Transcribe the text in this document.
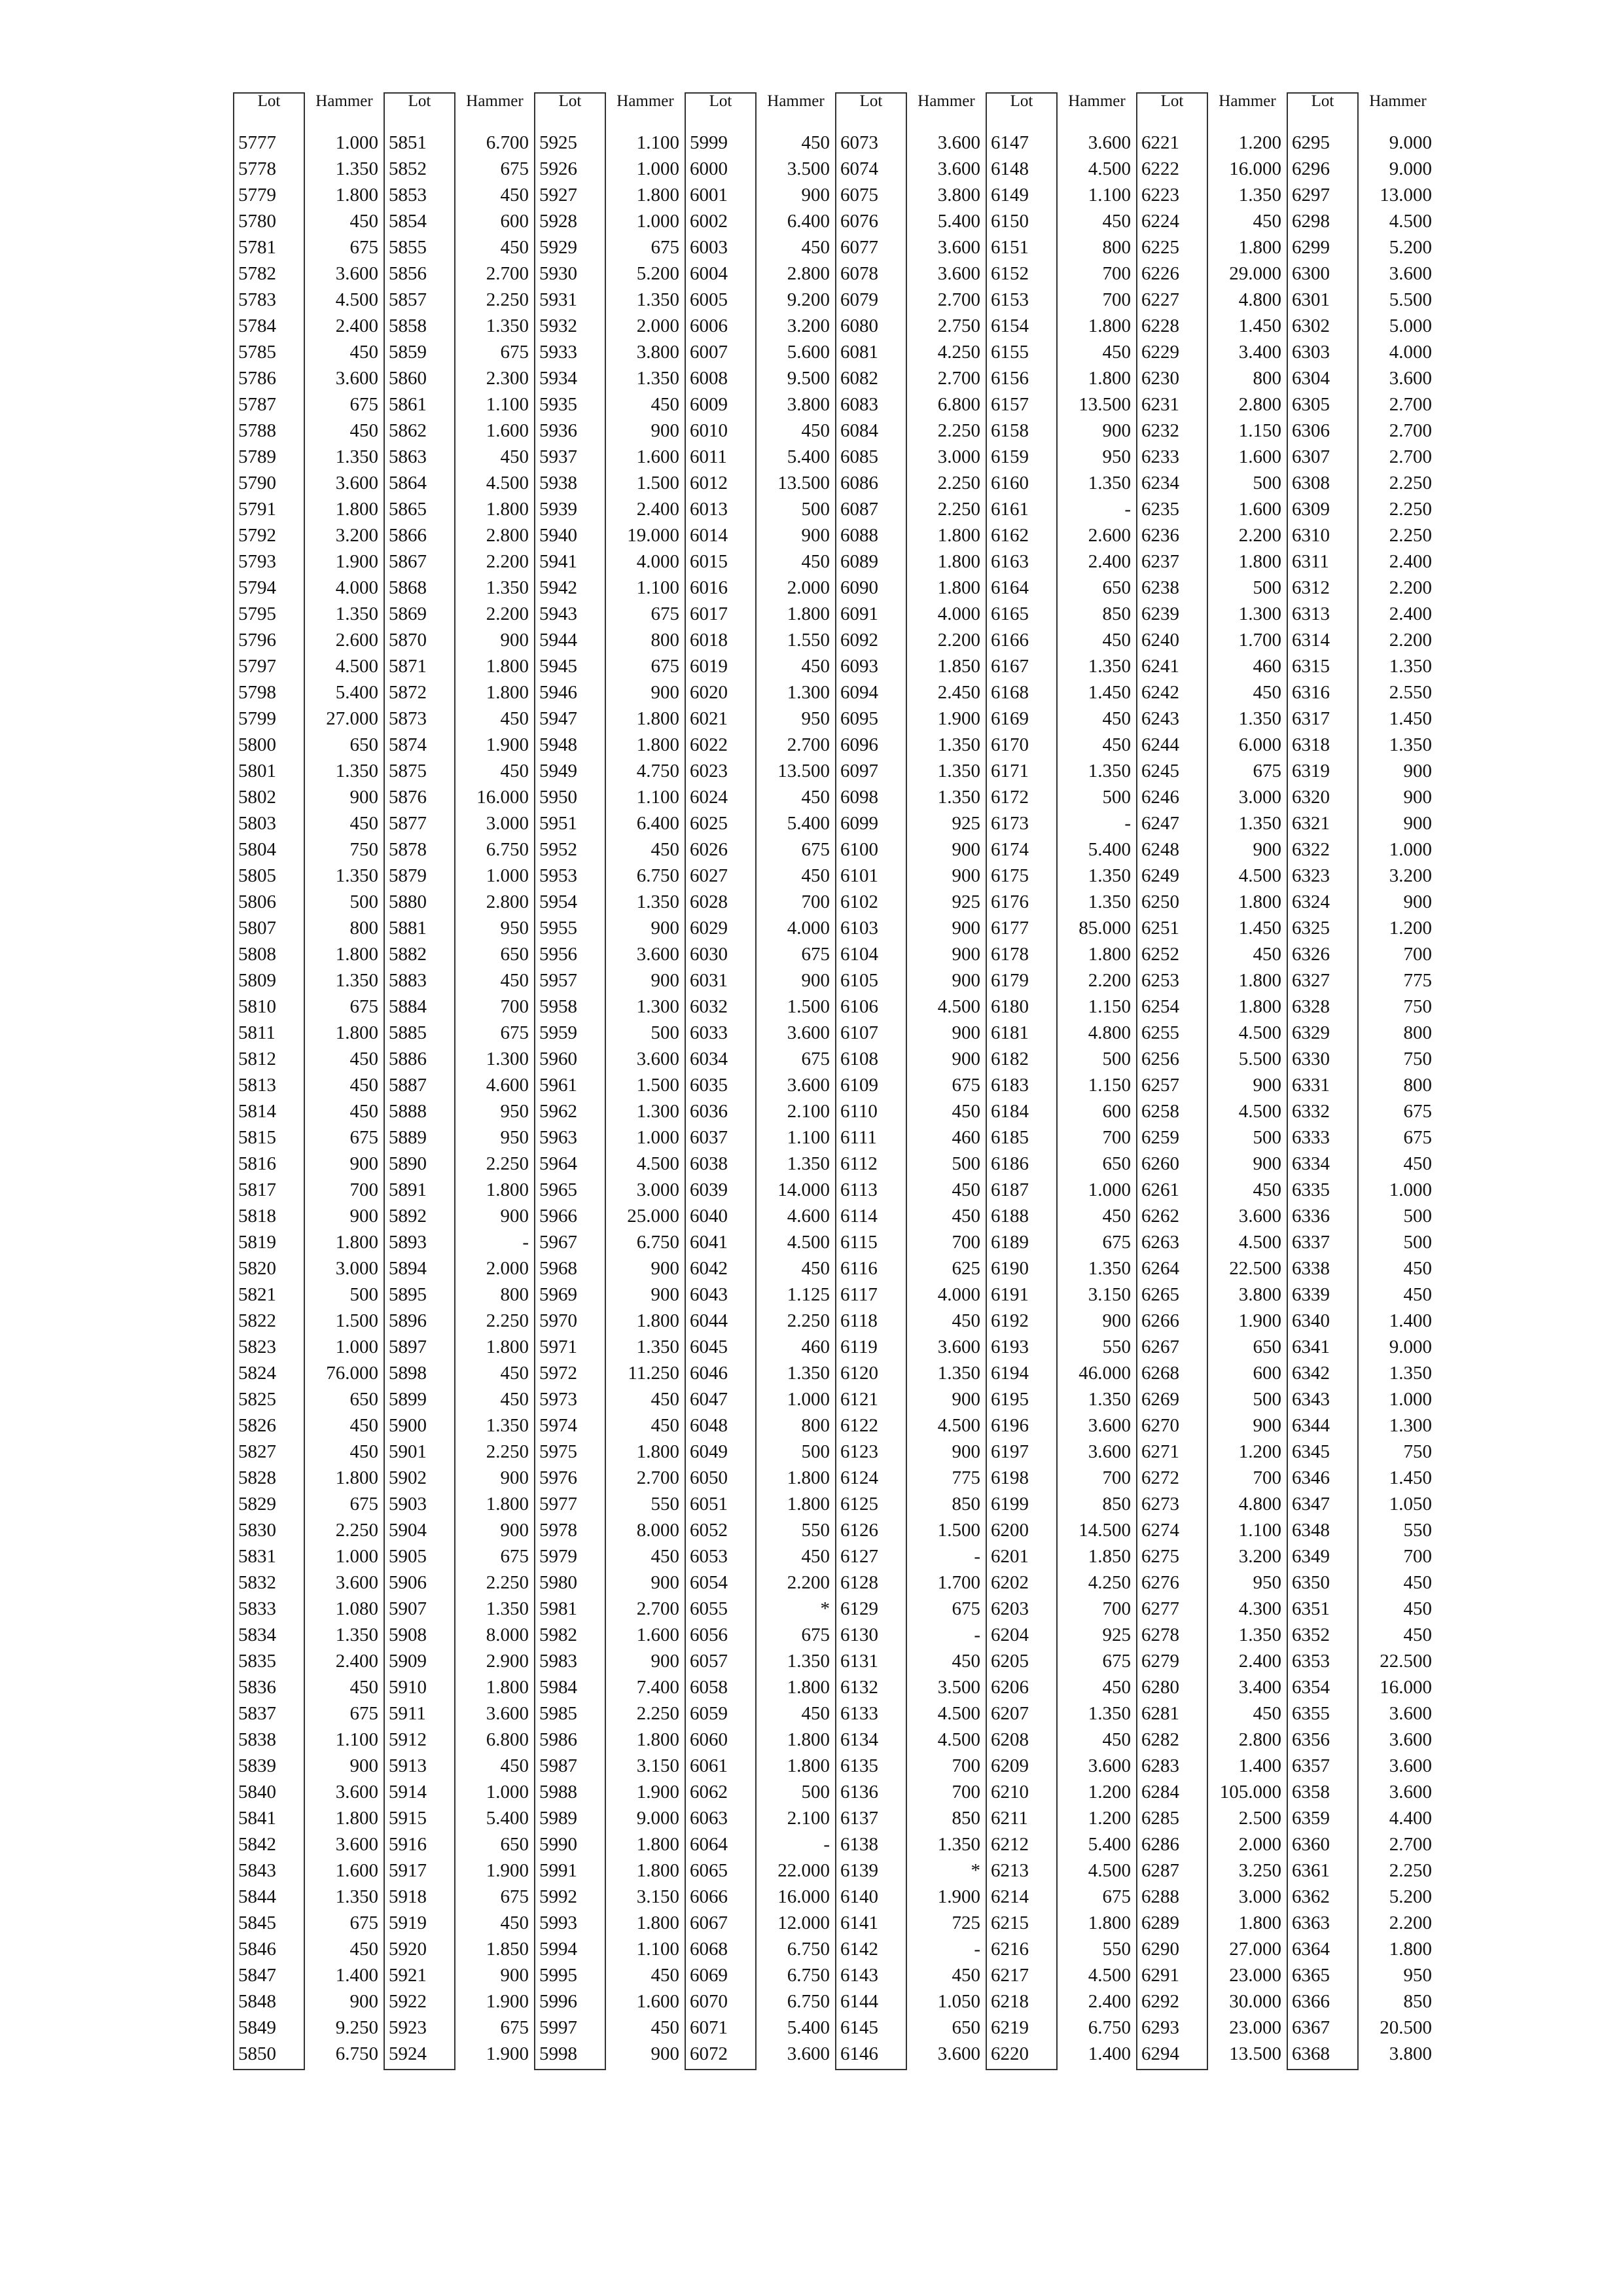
Lot	Hammer
5777	1.000
5778	1.350
5779	1.800
5780	450
5781	675
5782	3.600
5783	4.500
5784	2.400
5785	450
5786	3.600
5787	675
5788	450
5789	1.350
5790	3.600
5791	1.800
5792	3.200
5793	1.900
5794	4.000
5795	1.350
5796	2.600
5797	4.500
5798	5.400
5799	27.000
5800	650
5801	1.350
5802	900
5803	450
5804	750
5805	1.350
5806	500
5807	800
5808	1.800
5809	1.350
5810	675
5811	1.800
5812	450
5813	450
5814	450
5815	675
5816	900
5817	700
5818	900
5819	1.800
5820	3.000
5821	500
5822	1.500
5823	1.000
5824	76.000
5825	650
5826	450
5827	450
5828	1.800
5829	675
5830	2.250
5831	1.000
5832	3.600
5833	1.080
5834	1.350
5835	2.400
5836	450
5837	675
5838	1.100
5839	900
5840	3.600
5841	1.800
5842	3.600
5843	1.600
5844	1.350
5845	675
5846	450
5847	1.400
5848	900
5849	9.250
5850	6.750
Lot	Hammer
5851	6.700
5852	675
5853	450
5854	600
5855	450
5856	2.700
5857	2.250
5858	1.350
5859	675
5860	2.300
5861	1.100
5862	1.600
5863	450
5864	4.500
5865	1.800
5866	2.800
5867	2.200
5868	1.350
5869	2.200
5870	900
5871	1.800
5872	1.800
5873	450
5874	1.900
5875	450
5876	16.000
5877	3.000
5878	6.750
5879	1.000
5880	2.800
5881	950
5882	650
5883	450
5884	700
5885	675
5886	1.300
5887	4.600
5888	950
5889	950
5890	2.250
5891	1.800
5892	900
5893	-
5894	2.000
5895	800
5896	2.250
5897	1.800
5898	450
5899	450
5900	1.350
5901	2.250
5902	900
5903	1.800
5904	900
5905	675
5906	2.250
5907	1.350
5908	8.000
5909	2.900
5910	1.800
5911	3.600
5912	6.800
5913	450
5914	1.000
5915	5.400
5916	650
5917	1.900
5918	675
5919	450
5920	1.850
5921	900
5922	1.900
5923	675
5924	1.900
Lot	Hammer
5925	1.100
5926	1.000
5927	1.800
5928	1.000
5929	675
5930	5.200
5931	1.350
5932	2.000
5933	3.800
5934	1.350
5935	450
5936	900
5937	1.600
5938	1.500
5939	2.400
5940	19.000
5941	4.000
5942	1.100
5943	675
5944	800
5945	675
5946	900
5947	1.800
5948	1.800
5949	4.750
5950	1.100
5951	6.400
5952	450
5953	6.750
5954	1.350
5955	900
5956	3.600
5957	900
5958	1.300
5959	500
5960	3.600
5961	1.500
5962	1.300
5963	1.000
5964	4.500
5965	3.000
5966	25.000
5967	6.750
5968	900
5969	900
5970	1.800
5971	1.350
5972	11.250
5973	450
5974	450
5975	1.800
5976	2.700
5977	550
5978	8.000
5979	450
5980	900
5981	2.700
5982	1.600
5983	900
5984	7.400
5985	2.250
5986	1.800
5987	3.150
5988	1.900
5989	9.000
5990	1.800
5991	1.800
5992	3.150
5993	1.800
5994	1.100
5995	450
5996	1.600
5997	450
5998	900
Lot	Hammer
5999	450
6000	3.500
6001	900
6002	6.400
6003	450
6004	2.800
6005	9.200
6006	3.200
6007	5.600
6008	9.500
6009	3.800
6010	450
6011	5.400
6012	13.500
6013	500
6014	900
6015	450
6016	2.000
6017	1.800
6018	1.550
6019	450
6020	1.300
6021	950
6022	2.700
6023	13.500
6024	450
6025	5.400
6026	675
6027	450
6028	700
6029	4.000
6030	675
6031	900
6032	1.500
6033	3.600
6034	675
6035	3.600
6036	2.100
6037	1.100
6038	1.350
6039	14.000
6040	4.600
6041	4.500
6042	450
6043	1.125
6044	2.250
6045	460
6046	1.350
6047	1.000
6048	800
6049	500
6050	1.800
6051	1.800
6052	550
6053	450
6054	2.200
6055	*
6056	675
6057	1.350
6058	1.800
6059	450
6060	1.800
6061	1.800
6062	500
6063	2.100
6064	-
6065	22.000
6066	16.000
6067	12.000
6068	6.750
6069	6.750
6070	6.750
6071	5.400
6072	3.600
Lot	Hammer
6073	3.600
6074	3.600
6075	3.800
6076	5.400
6077	3.600
6078	3.600
6079	2.700
6080	2.750
6081	4.250
6082	2.700
6083	6.800
6084	2.250
6085	3.000
6086	2.250
6087	2.250
6088	1.800
6089	1.800
6090	1.800
6091	4.000
6092	2.200
6093	1.850
6094	2.450
6095	1.900
6096	1.350
6097	1.350
6098	1.350
6099	925
6100	900
6101	900
6102	925
6103	900
6104	900
6105	900
6106	4.500
6107	900
6108	900
6109	675
6110	450
6111	460
6112	500
6113	450
6114	450
6115	700
6116	625
6117	4.000
6118	450
6119	3.600
6120	1.350
6121	900
6122	4.500
6123	900
6124	775
6125	850
6126	1.500
6127	-
6128	1.700
6129	675
6130	-
6131	450
6132	3.500
6133	4.500
6134	4.500
6135	700
6136	700
6137	850
6138	1.350
6139	*
6140	1.900
6141	725
6142	-
6143	450
6144	1.050
6145	650
6146	3.600
Lot	Hammer
6147	3.600
6148	4.500
6149	1.100
6150	450
6151	800
6152	700
6153	700
6154	1.800
6155	450
6156	1.800
6157	13.500
6158	900
6159	950
6160	1.350
6161	-
6162	2.600
6163	2.400
6164	650
6165	850
6166	450
6167	1.350
6168	1.450
6169	450
6170	450
6171	1.350
6172	500
6173	-
6174	5.400
6175	1.350
6176	1.350
6177	85.000
6178	1.800
6179	2.200
6180	1.150
6181	4.800
6182	500
6183	1.150
6184	600
6185	700
6186	650
6187	1.000
6188	450
6189	675
6190	1.350
6191	3.150
6192	900
6193	550
6194	46.000
6195	1.350
6196	3.600
6197	3.600
6198	700
6199	850
6200	14.500
6201	1.850
6202	4.250
6203	700
6204	925
6205	675
6206	450
6207	1.350
6208	450
6209	3.600
6210	1.200
6211	1.200
6212	5.400
6213	4.500
6214	675
6215	1.800
6216	550
6217	4.500
6218	2.400
6219	6.750
6220	1.400
Lot	Hammer
6221	1.200
6222	16.000
6223	1.350
6224	450
6225	1.800
6226	29.000
6227	4.800
6228	1.450
6229	3.400
6230	800
6231	2.800
6232	1.150
6233	1.600
6234	500
6235	1.600
6236	2.200
6237	1.800
6238	500
6239	1.300
6240	1.700
6241	460
6242	450
6243	1.350
6244	6.000
6245	675
6246	3.000
6247	1.350
6248	900
6249	4.500
6250	1.800
6251	1.450
6252	450
6253	1.800
6254	1.800
6255	4.500
6256	5.500
6257	900
6258	4.500
6259	500
6260	900
6261	450
6262	3.600
6263	4.500
6264	22.500
6265	3.800
6266	1.900
6267	650
6268	600
6269	500
6270	900
6271	1.200
6272	700
6273	4.800
6274	1.100
6275	3.200
6276	950
6277	4.300
6278	1.350
6279	2.400
6280	3.400
6281	450
6282	2.800
6283	1.400
6284	105.000
6285	2.500
6286	2.000
6287	3.250
6288	3.000
6289	1.800
6290	27.000
6291	23.000
6292	30.000
6293	23.000
6294	13.500
Lot	Hammer
6295	9.000
6296	9.000
6297	13.000
6298	4.500
6299	5.200
6300	3.600
6301	5.500
6302	5.000
6303	4.000
6304	3.600
6305	2.700
6306	2.700
6307	2.700
6308	2.250
6309	2.250
6310	2.250
6311	2.400
6312	2.200
6313	2.400
6314	2.200
6315	1.350
6316	2.550
6317	1.450
6318	1.350
6319	900
6320	900
6321	900
6322	1.000
6323	3.200
6324	900
6325	1.200
6326	700
6327	775
6328	750
6329	800
6330	750
6331	800
6332	675
6333	675
6334	450
6335	1.000
6336	500
6337	500
6338	450
6339	450
6340	1.400
6341	9.000
6342	1.350
6343	1.000
6344	1.300
6345	750
6346	1.450
6347	1.050
6348	550
6349	700
6350	450
6351	450
6352	450
6353	22.500
6354	16.000
6355	3.600
6356	3.600
6357	3.600
6358	3.600
6359	4.400
6360	2.700
6361	2.250
6362	5.200
6363	2.200
6364	1.800
6365	950
6366	850
6367	20.500
6368	3.800
